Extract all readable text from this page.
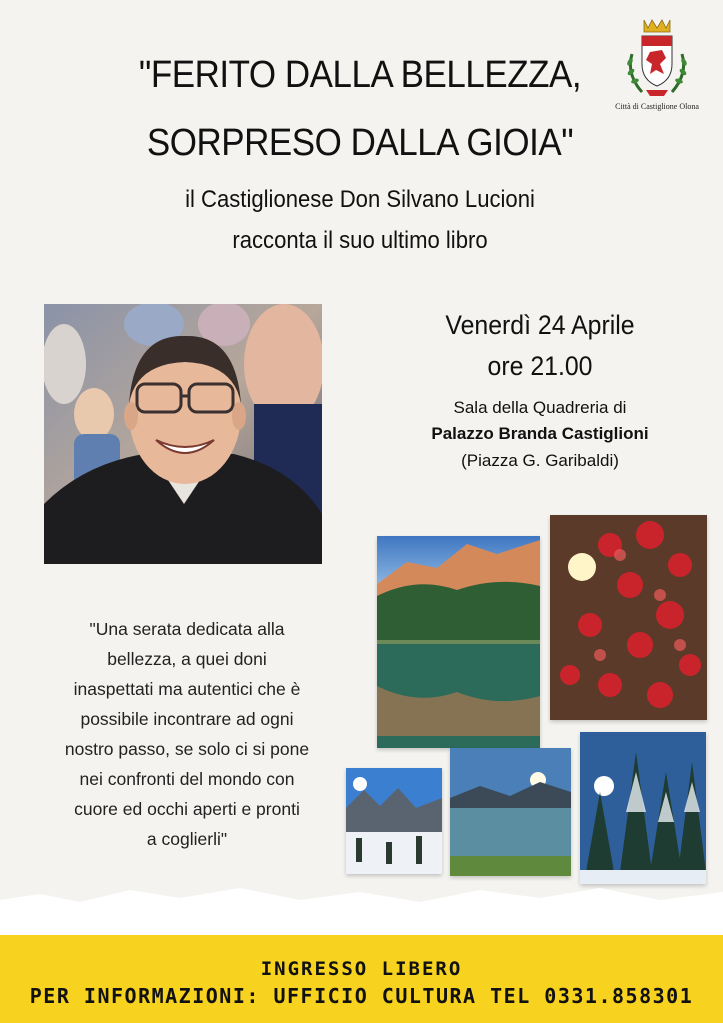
"FERITO DALLA BELLEZZA,
SORPRESO DALLA GIOIA"
il Castiglionese Don Silvano Lucioni
racconta il suo ultimo libro
Città di Castiglione Olona
Venerdì 24 Aprile
ore 21.00
Sala della Quadreria di
Palazzo Branda Castiglioni
(Piazza G. Garibaldi)
"Una serata dedicata alla
bellezza, a quei doni
inaspettati ma autentici che è
possibile incontrare ad ogni
nostro passo, se solo ci si pone
nei confronti del mondo con
cuore ed occhi aperti e pronti
a coglierli"
INGRESSO LIBERO
PER INFORMAZIONI: UFFICIO CULTURA TEL 0331.858301
